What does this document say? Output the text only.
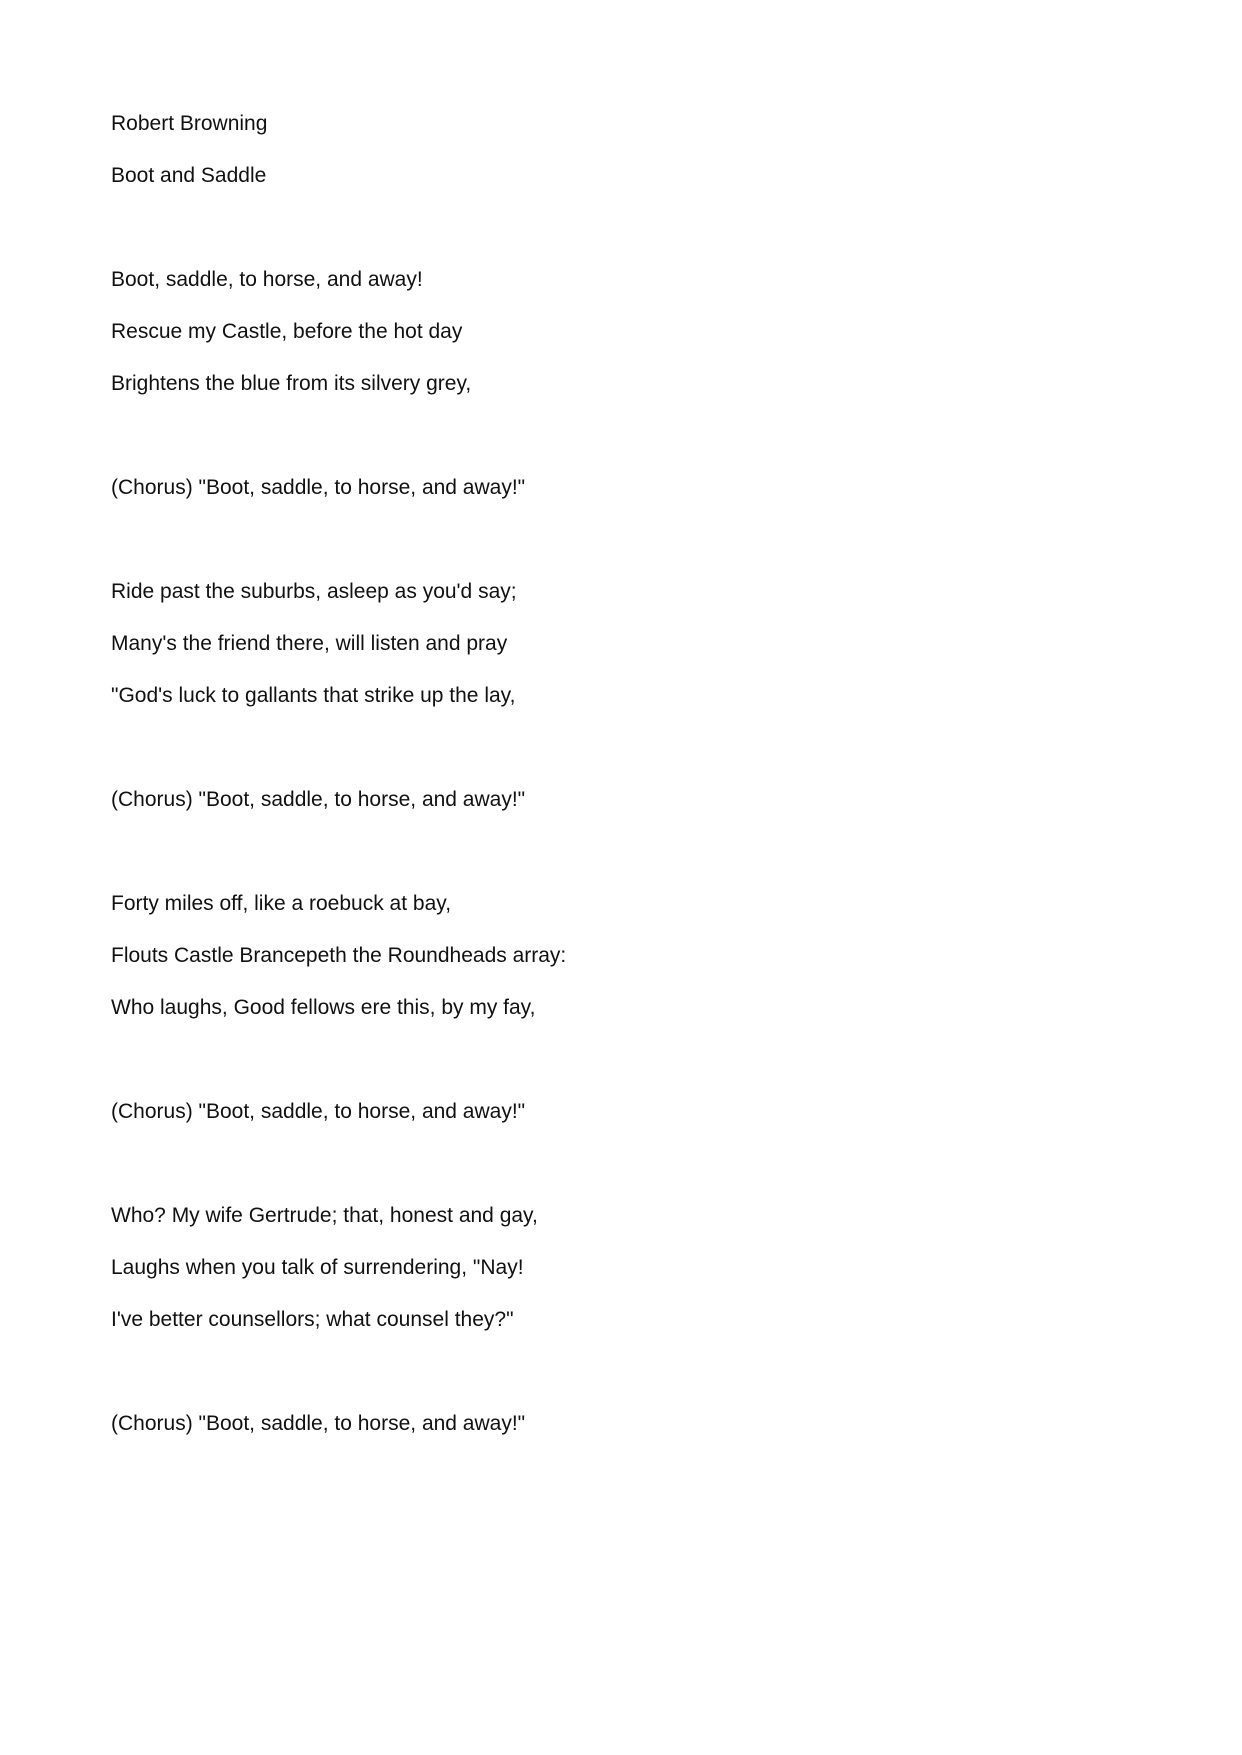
Robert Browning
Boot and Saddle
Boot, saddle, to horse, and away!
Rescue my Castle, before the hot day
Brightens the blue from its silvery grey,
(Chorus) "Boot, saddle, to horse, and away!"
Ride past the suburbs, asleep as you'd say;
Many's the friend there, will listen and pray
"God's luck to gallants that strike up the lay,
(Chorus) "Boot, saddle, to horse, and away!"
Forty miles off, like a roebuck at bay,
Flouts Castle Brancepeth the Roundheads array:
Who laughs, Good fellows ere this, by my fay,
(Chorus) "Boot, saddle, to horse, and away!"
Who? My wife Gertrude; that, honest and gay,
Laughs when you talk of surrendering, "Nay!
I've better counsellors; what counsel they?"
(Chorus) "Boot, saddle, to horse, and away!"
